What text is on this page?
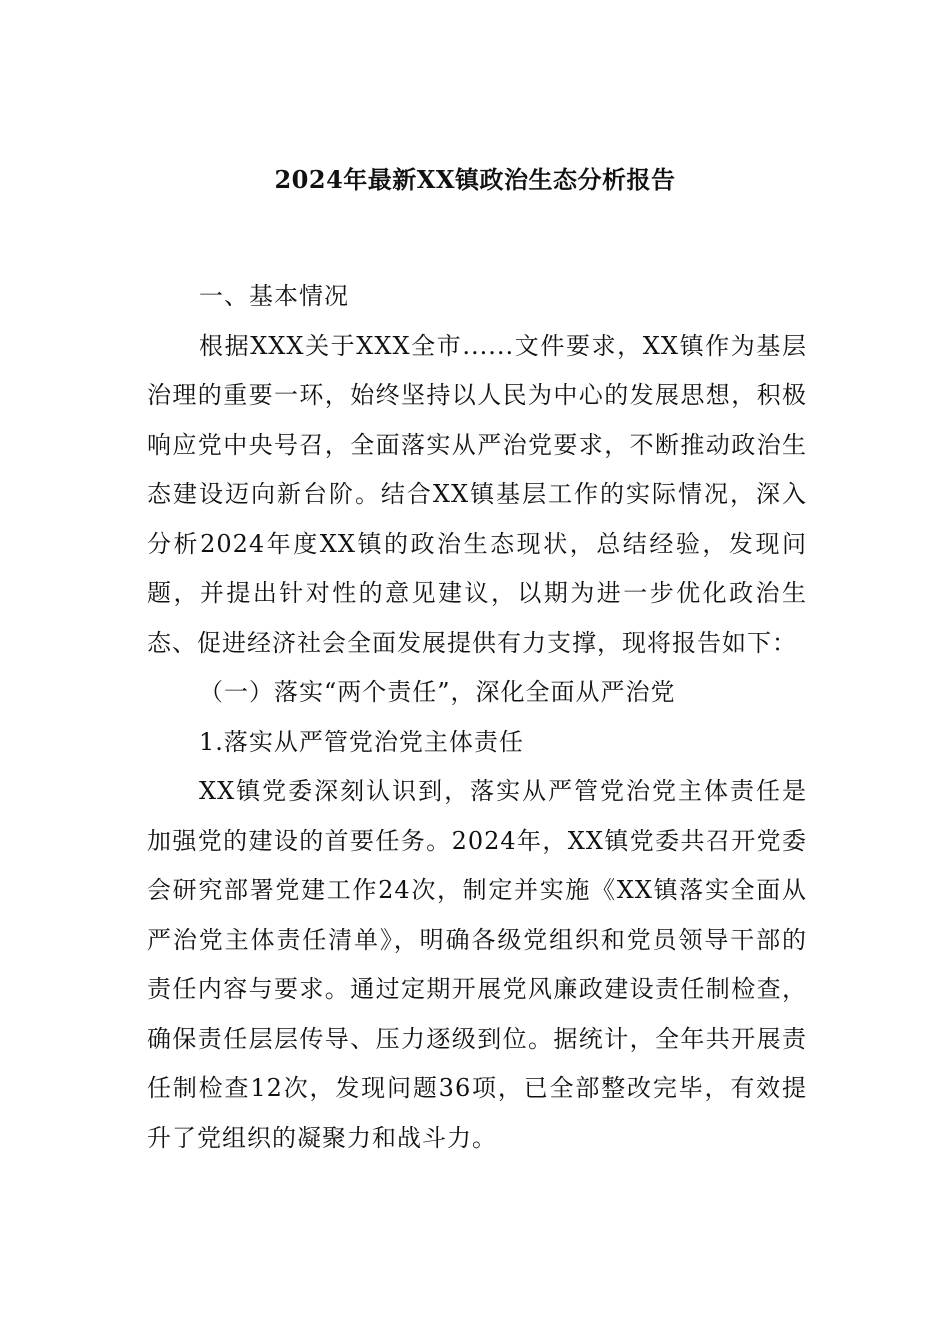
2024年最新XX镇政治生态分析报告

一、基本情况

根据XXX关于XXX全市......文件要求，XX镇作为基层治理的重要一环，始终坚持以人民为中心的发展思想，积极响应党中央号召，全面落实从严治党要求，不断推动政治生态建设迈向新台阶。结合XX镇基层工作的实际情况，深入分析2024年度XX镇的政治生态现状，总结经验，发现问题，并提出针对性的意见建议，以期为进一步优化政治生态、促进经济社会全面发展提供有力支撑，现将报告如下：

（一）落实“两个责任”，深化全面从严治党

1.落实从严管党治党主体责任

XX镇党委深刻认识到，落实从严管党治党主体责任是加强党的建设的首要任务。2024年，XX镇党委共召开党委会研究部署党建工作24次，制定并实施《XX镇落实全面从严治党主体责任清单》，明确各级党组织和党员领导干部的责任内容与要求。通过定期开展党风廉政建设责任制检查，确保责任层层传导、压力逐级到位。据统计，全年共开展责任制检查12次，发现问题36项，已全部整改完毕，有效提升了党组织的凝聚力和战斗力。
